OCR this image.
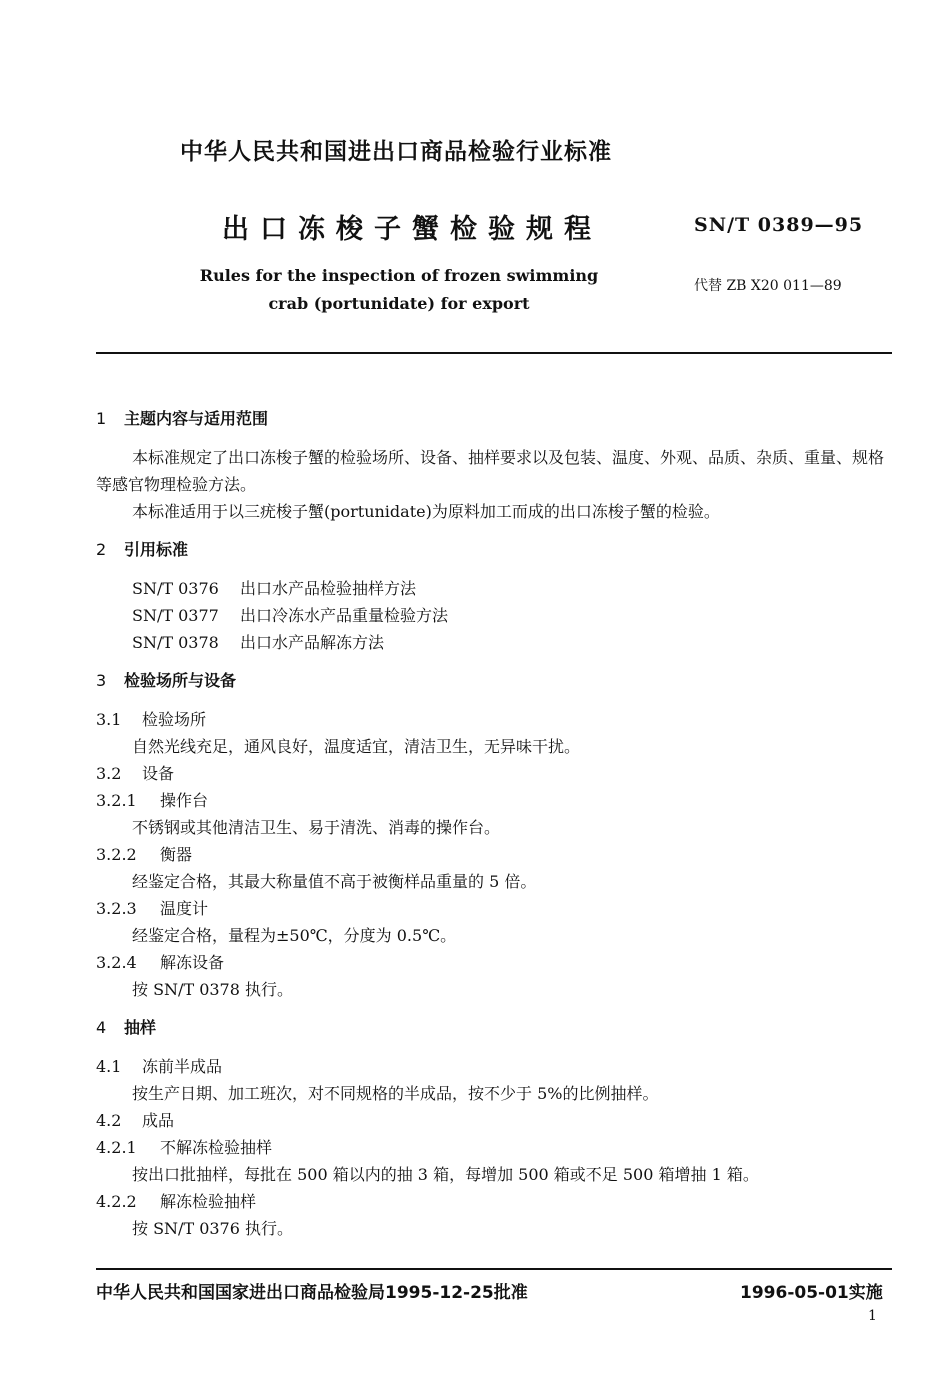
中华人民共和国进出口商品检验行业标准
出口冻梭子蟹检验规程	SN/T 0389—95
Rules for the inspection of frozen swimming crab (portunidate) for export
代替 ZB X20 011—89

1 主题内容与适用范围

本标准规定了出口冻梭子蟹的检验场所、设备、抽样要求以及包装、温度、外观、品质、杂质、重量、规格等感官物理检验方法。

本标准适用于以三疣梭子蟹(portunidate)为原料加工而成的出口冻梭子蟹的检验。

2 引用标准

SN/T 0376 出口水产品检验抽样方法

SN/T 0377 出口冷冻水产品重量检验方法

SN/T 0378 出口水产品解冻方法

3 检验场所与设备

3.1 检验场所

自然光线充足，通风良好，温度适宜，清洁卫生，无异味干扰。

3.2 设备

3.2.1 操作台

不锈钢或其他清洁卫生、易于清洗、消毒的操作台。

3.2.2 衡器

经鉴定合格，其最大称量值不高于被衡样品重量的 5 倍。

3.2.3 温度计

经鉴定合格，量程为±50℃，分度为 0.5℃。

3.2.4 解冻设备

按 SN/T 0378 执行。

4 抽样

4.1 冻前半成品

按生产日期、加工班次，对不同规格的半成品，按不少于 5%的比例抽样。

4.2 成品

4.2.1 不解冻检验抽样

按出口批抽样，每批在 500 箱以内的抽 3 箱，每增加 500 箱或不足 500 箱增抽 1 箱。

4.2.2 解冻检验抽样

按 SN/T 0376 执行。

中华人民共和国国家进出口商品检验局1995-12-25批准	1996-05-01实施
1
